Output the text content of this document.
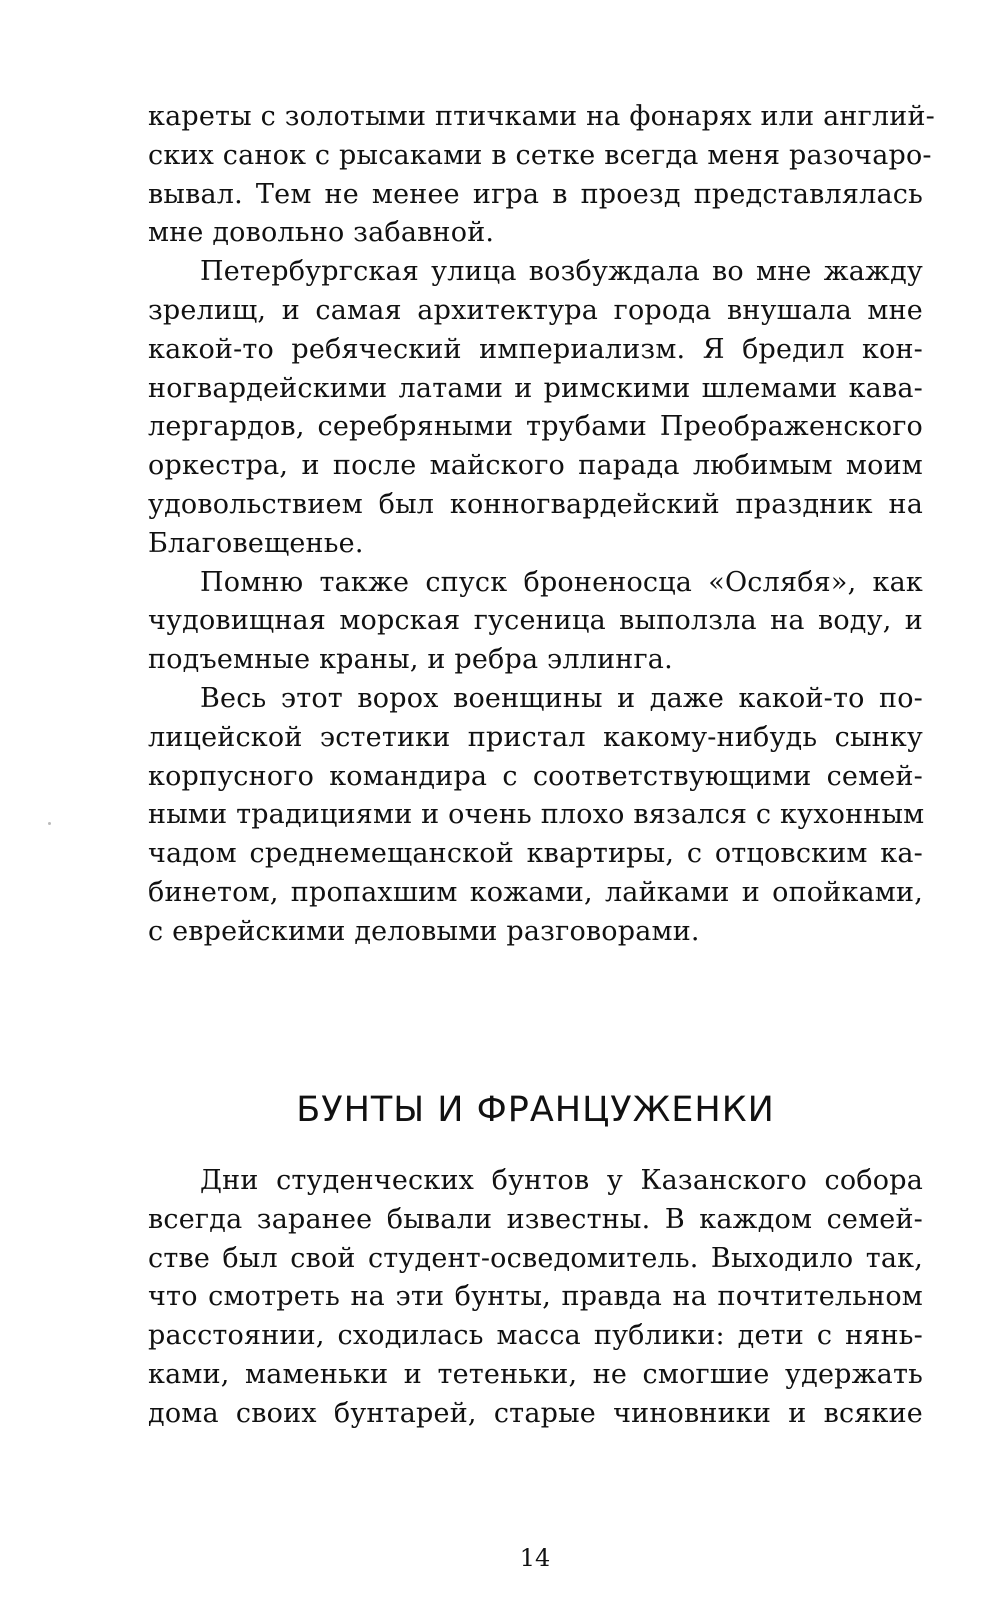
кареты с золотыми птичками на фонарях или англий-
ских санок с рысаками в сетке всегда меня разочаро-
вывал. Тем не менее игра в проезд представлялась
мне довольно забавной.
Петербургская улица возбуждала во мне жажду
зрелищ, и самая архитектура города внушала мне
какой-то ребяческий империализм. Я бредил кон-
ногвардейскими латами и римскими шлемами кава-
лергардов, серебряными трубами Преображенского
оркестра, и после майского парада любимым моим
удовольствием был конногвардейский праздник на
Благовещенье.
Помню также спуск броненосца «Ослябя», как
чудовищная морская гусеница выползла на воду, и
подъемные краны, и ребра эллинга.
Весь этот ворох военщины и даже какой-то по-
лицейской эстетики пристал какому-нибудь сынку
корпусного командира с соответствующими семей-
ными традициями и очень плохо вязался с кухонным
чадом среднемещанской квартиры, с отцовским ка-
бинетом, пропахшим кожами, лайками и опойками,
с еврейскими деловыми разговорами.
БУНТЫ И ФРАНЦУЖЕНКИ
Дни студенческих бунтов у Казанского собора
всегда заранее бывали известны. В каждом семей-
стве был свой студент-осведомитель. Выходило так,
что смотреть на эти бунты, правда на почтительном
расстоянии, сходилась масса публики: дети с нянь-
ками, маменьки и тетеньки, не смогшие удержать
дома своих бунтарей, старые чиновники и всякие
14
